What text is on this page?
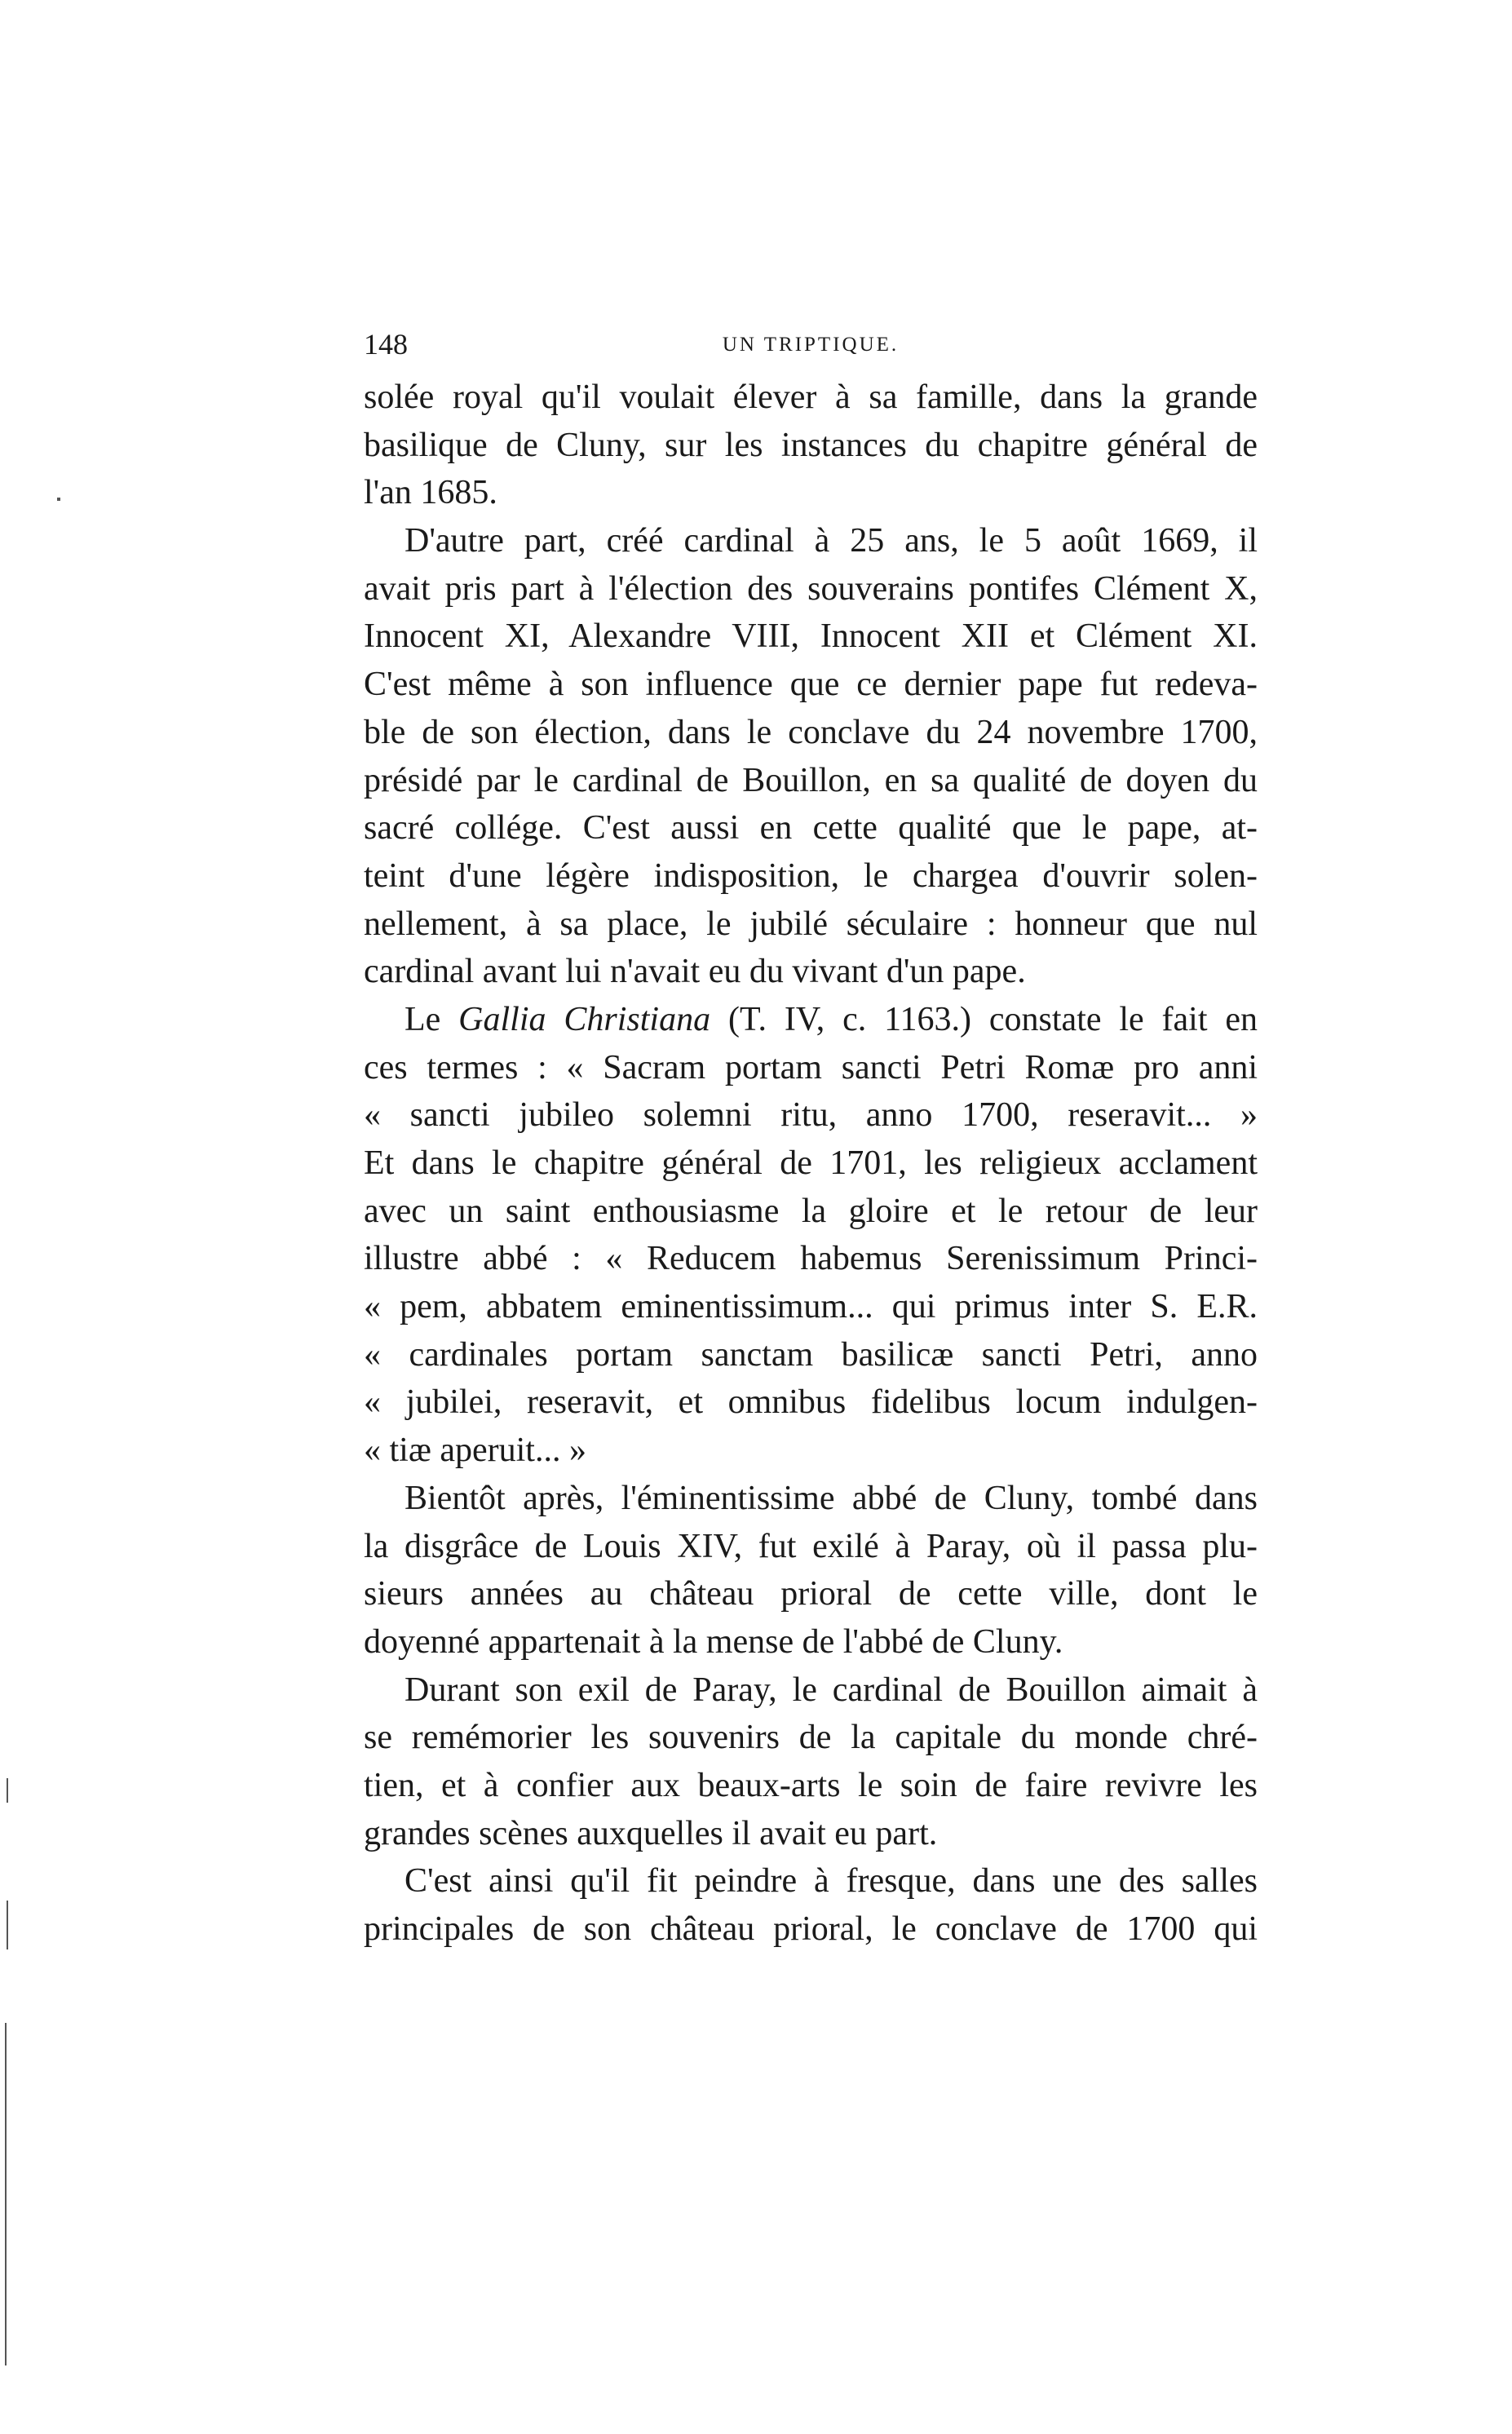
148	UN TRIPTIQUE.
solée royal qu'il voulait élever à sa famille, dans la grande
basilique de Cluny, sur les instances du chapitre général de
l'an 1685.
D'autre part, créé cardinal à 25 ans, le 5 août 1669, il
avait pris part à l'élection des souverains pontifes Clément X,
Innocent XI, Alexandre VIII, Innocent XII et Clément XI.
C'est même à son influence que ce dernier pape fut redeva-
ble de son élection, dans le conclave du 24 novembre 1700,
présidé par le cardinal de Bouillon, en sa qualité de doyen du
sacré collége. C'est aussi en cette qualité que le pape, at-
teint d'une légère indisposition, le chargea d'ouvrir solen-
nellement, à sa place, le jubilé séculaire : honneur que nul
cardinal avant lui n'avait eu du vivant d'un pape.
Le Gallia Christiana (T. IV, c. 1163.) constate le fait en
ces termes : « Sacram portam sancti Petri Romæ pro anni
« sancti jubileo solemni ritu, anno 1700, reseravit... »
Et dans le chapitre général de 1701, les religieux acclament
avec un saint enthousiasme la gloire et le retour de leur
illustre abbé : « Reducem habemus Serenissimum Princi-
« pem, abbatem eminentissimum... qui primus inter S. E.R.
« cardinales portam sanctam basilicæ sancti Petri, anno
« jubilei, reseravit, et omnibus fidelibus locum indulgen-
« tiæ aperuit... »
Bientôt après, l'éminentissime abbé de Cluny, tombé dans
la disgrâce de Louis XIV, fut exilé à Paray, où il passa plu-
sieurs années au château prioral de cette ville, dont le
doyenné appartenait à la mense de l'abbé de Cluny.
Durant son exil de Paray, le cardinal de Bouillon aimait à
se remémorier les souvenirs de la capitale du monde chré-
tien, et à confier aux beaux-arts le soin de faire revivre les
grandes scènes auxquelles il avait eu part.
C'est ainsi qu'il fit peindre à fresque, dans une des salles
principales de son château prioral, le conclave de 1700 qui
